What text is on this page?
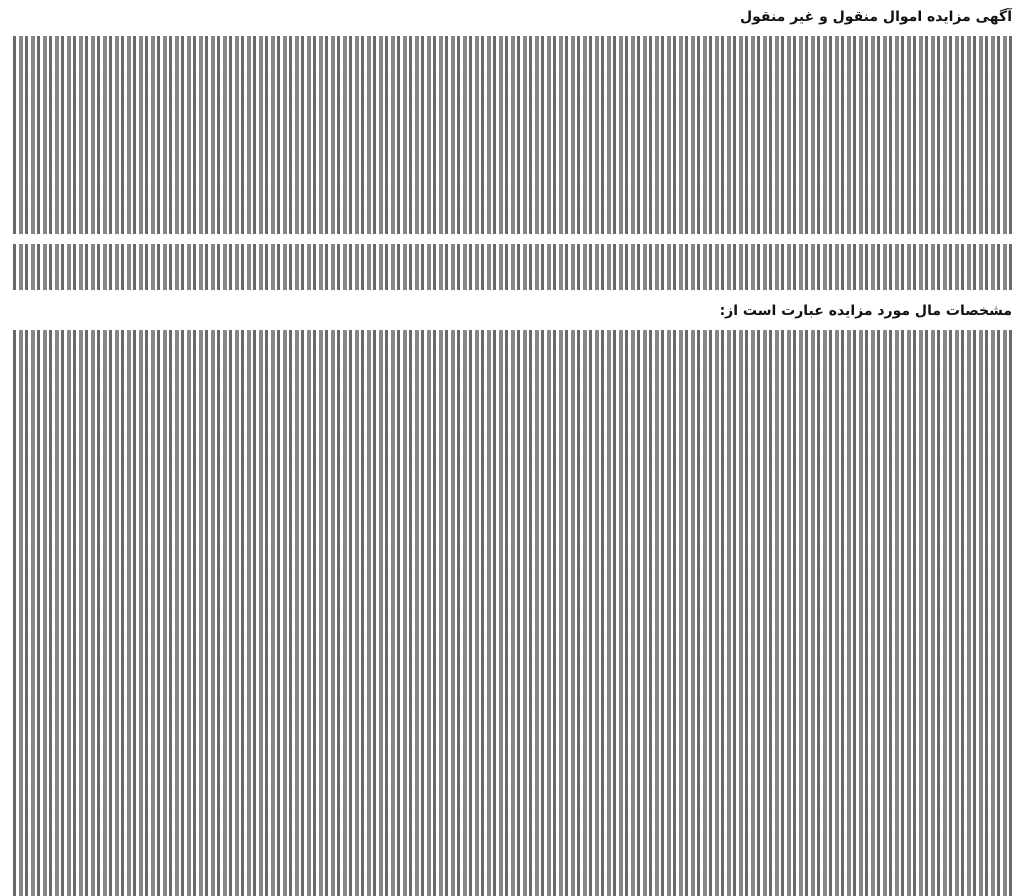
آگهی مزایده اموال منقول و غیر منقول
مشخصات مال مورد مزایده عبارت است از:
